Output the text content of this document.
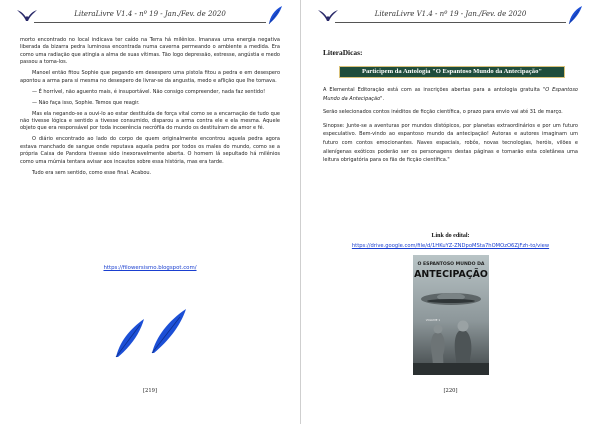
LiteraLivre V1.4 - nº 19 - Jan./Fev. de 2020

morto encontrado no local indicava ter caído na Terra há milênios. Imanava uma energia negativa liberada da bizarra pedra luminosa encontrada numa caverna permeando o ambiente a medida. Era como uma radiação que atingia a alma de suas vítimas. Tão logo depressão, estresse, angústia e medo passou a toma-los.

Manoel então fitou Sophie que pegando em desespero uma pistola fitou a pedra e em desespero apontou a arma para si mesma no desespero de livrar-se da angustia, medo e aflição que lhe tomava.

— É horrível, não aguento mais, é insuportável. Não consigo compreender, nada faz sentido!

— Não faça isso, Sophie. Temos que reagir.

Mas ela negando-se a ouvi-lo ao estar destituída de força vital como se a encarnação de tudo que não tivesse lógica e sentido a tivesse consumido, disparou a arma contra ele e ela mesma. Aquele objeto que era responsável por toda incoerência necrófila do mundo os destituíram de amor e fé.

O diário encontrado ao lado do corpo de quem originalmente encontrou aquela pedra agora estava manchado de sangue onde reputava aquela pedra por todos os males do mundo, como se a própria Caixa de Pandora tivesse sido inexoravelmente aberta. O homem lá sepultado há milênios como uma múmia tentara avisar aos incautos sobre essa história, mas era tarde.

Tudo era sem sentido, como esse final. Acabou.

https://filowersismo.blogspot.com/
[219]
LiteraLivre V1.4 - nº 19 - Jan./Fev. de 2020
LiteraDicas:
Participem da Antologia "O Espantoso Mundo da Antecipação"

A Elemental Editoração está com as inscrições abertas para a antologia gratuita "O Espantoso Mundo da Antecipação".

Serão selecionados contos inéditos de ficção científica, o prazo para envio vai até 31 de março.

Sinopse: Junte-se a aventuras por mundos distópicos, por planetas extraordinários e por um futuro especulativo. Bem-vindo ao espantoso mundo da antecipação! Autoras e autores imaginam um futuro com contos emocionantes. Naves espaciais, robôs, novas tecnologias, heróis, vilões e alienígenas exóticos poderão ser os personagens destas páginas e tornarão esta coletânea uma leitura obrigatória para os fãs de ficção científica."

Link do edital:
https://drive.google.com/file/d/1HKuYZ-ZNDpoMSta7hOMOzO6ZjFzh-to/view
O ESPANTOSO MUNDO DA
ANTECIPAÇÃO
VOLUME 1
[220]
